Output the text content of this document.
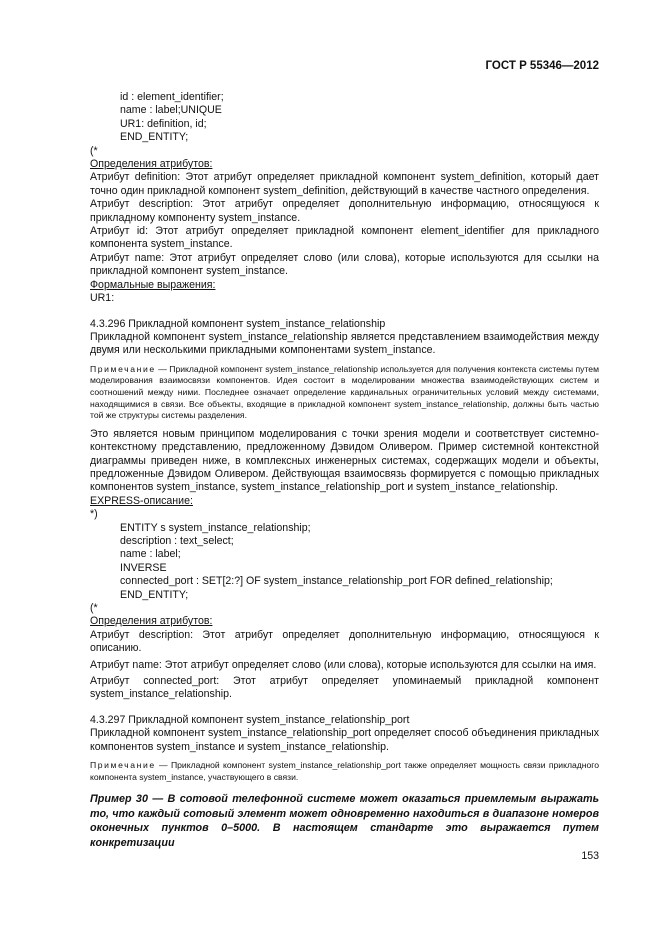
ГОСТ Р 55346—2012

id : element_identifier;

name : label;UNIQUE

UR1: definition, id;

END_ENTITY;

(*

Определения атрибутов:

Атрибут definition: Этот атрибут определяет прикладной компонент system_definition, который дает точно один прикладной компонент system_definition, действующий в качестве частного определения.

Атрибут description: Этот атрибут определяет дополнительную информацию, относящуюся к прикладному компоненту system_instance.

Атрибут id: Этот атрибут определяет прикладной компонент element_identifier для прикладного компонента system_instance.

Атрибут name: Этот атрибут определяет слово (или слова), которые используются для ссылки на прикладной компонент system_instance.

Формальные выражения:

UR1:

4.3.296 Прикладной компонент system_instance_relationship

Прикладной компонент system_instance_relationship является представлением взаимодействия между двумя или несколькими прикладными компонентами system_instance.

Примечание — Прикладной компонент system_instance_relationship используется для получения контекста системы путем моделирования взаимосвязи компонентов. Идея состоит в моделировании множества взаимодействующих систем и соотношений между ними. Последнее означает определение кардинальных ограничительных условий между системами, находящимися в связи. Все объекты, входящие в прикладной компонент system_instance_relationship, должны быть частью той же структуры системы разделения.

Это является новым принципом моделирования с точки зрения модели и соответствует системно-контекстному представлению, предложенному Дэвидом Оливером. Пример системной контекстной диаграммы приведен ниже, в комплексных инженерных системах, содержащих модели и объекты, предложенные Дэвидом Оливером. Действующая взаимосвязь формируется с помощью прикладных компонентов system_instance, system_instance_relationship_port и system_instance_relationship.

EXPRESS-описание:

*)

ENTITY s system_instance_relationship;

description : text_select;

name : label;

INVERSE

connected_port : SET[2:?] OF system_instance_relationship_port FOR defined_relationship;

END_ENTITY;

(*

Определения атрибутов:

Атрибут description: Этот атрибут определяет дополнительную информацию, относящуюся к описанию.

Атрибут name: Этот атрибут определяет слово (или слова), которые используются для ссылки на имя.

Атрибут connected_port: Этот атрибут определяет упоминаемый прикладной компонент system_instance_relationship.

4.3.297 Прикладной компонент system_instance_relationship_port

Прикладной компонент system_instance_relationship_port определяет способ объединения прикладных компонентов system_instance и system_instance_relationship.

Примечание — Прикладной компонент system_instance_relationship_port также определяет мощность связи прикладного компонента system_instance, участвующего в связи.

Пример 30 — В сотовой телефонной системе может оказаться приемлемым выражать то, что каждый сотовый элемент может одновременно находиться в диапазоне номеров оконечных пунктов 0–5000. В настоящем стандарте это выражается путем конкретизации

153
